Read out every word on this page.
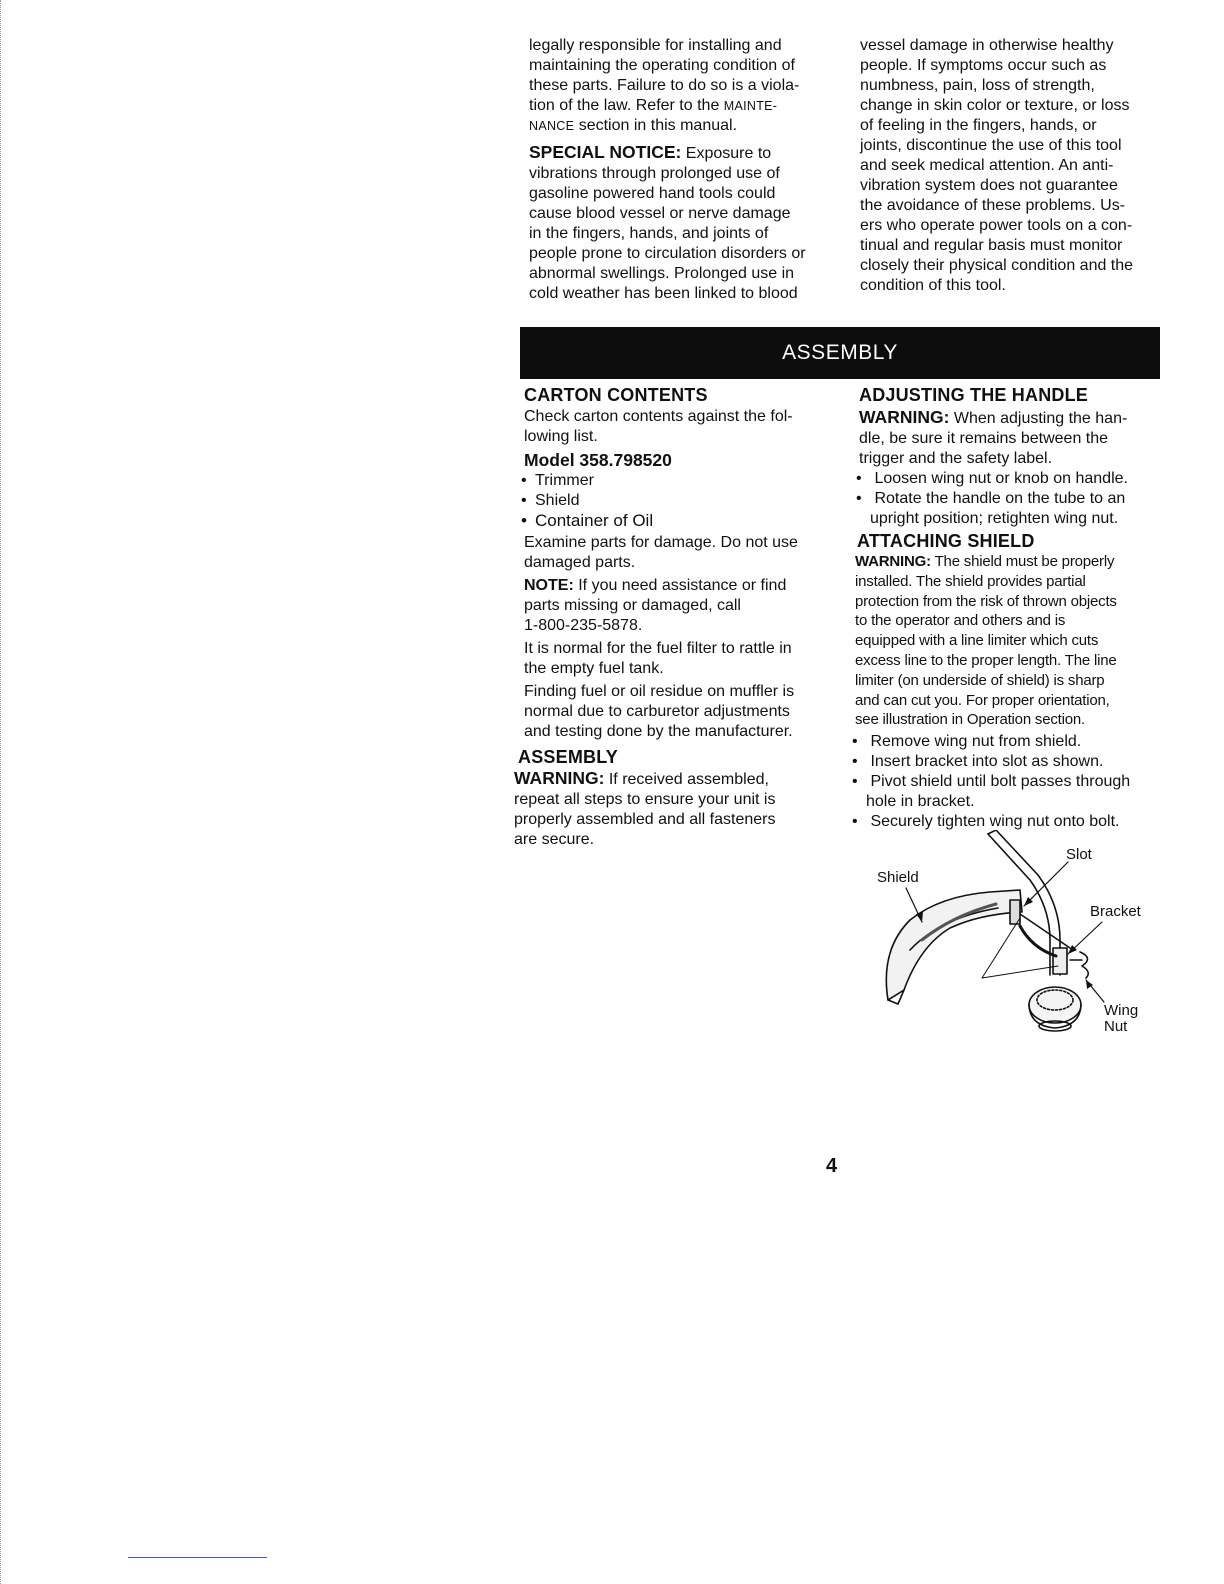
legally responsible for installing and

maintaining the operating condition of

these parts. Failure to do so is a viola-

tion of the law. Refer to the MAINTE-

NANCE section in this manual.

SPECIAL NOTICE: Exposure to

vibrations through prolonged use of

gasoline powered hand tools could

cause blood vessel or nerve damage

in the fingers, hands, and joints of

people prone to circulation disorders or

abnormal swellings. Prolonged use in

cold weather has been linked to blood

vessel damage in otherwise healthy

people. If symptoms occur such as

numbness, pain, loss of strength,

change in skin color or texture, or loss

of feeling in the fingers, hands, or

joints, discontinue the use of this tool

and seek medical attention. An anti-

vibration system does not guarantee

the avoidance of these problems. Us-

ers who operate power tools on a con-

tinual and regular basis must monitor

closely their physical condition and the

condition of this tool.

ASSEMBLY

CARTON CONTENTS

Check carton contents against the fol-

lowing list.

Model 358.798520

• Trimmer

• Shield

• Container of Oil

Examine parts for damage. Do not use

damaged parts.

NOTE: If you need assistance or find

parts missing or damaged, call

1-800-235-5878.

It is normal for the fuel filter to rattle in

the empty fuel tank.

Finding fuel or oil residue on muffler is

normal due to carburetor adjustments

and testing done by the manufacturer.

ASSEMBLY

WARNING: If received assembled,

repeat all steps to ensure your unit is

properly assembled and all fasteners

are secure.

ADJUSTING THE HANDLE

WARNING: When adjusting the han-

dle, be sure it remains between the

trigger and the safety label.

• Loosen wing nut or knob on handle.
• Rotate the handle on the tube to an
upright position; retighten wing nut.

ATTACHING SHIELD

WARNING: The shield must be properly

installed. The shield provides partial

protection from the risk of thrown objects

to the operator and others and is

equipped with a line limiter which cuts

excess line to the proper length. The line

limiter (on underside of shield) is sharp

and can cut you. For proper orientation,

see illustration in Operation section.

• Remove wing nut from shield.
• Insert bracket into slot as shown.
• Pivot shield until bolt passes through
hole in bracket.
• Securely tighten wing nut onto bolt.
Slot
Shield
Bracket
Wing
Nut
4
